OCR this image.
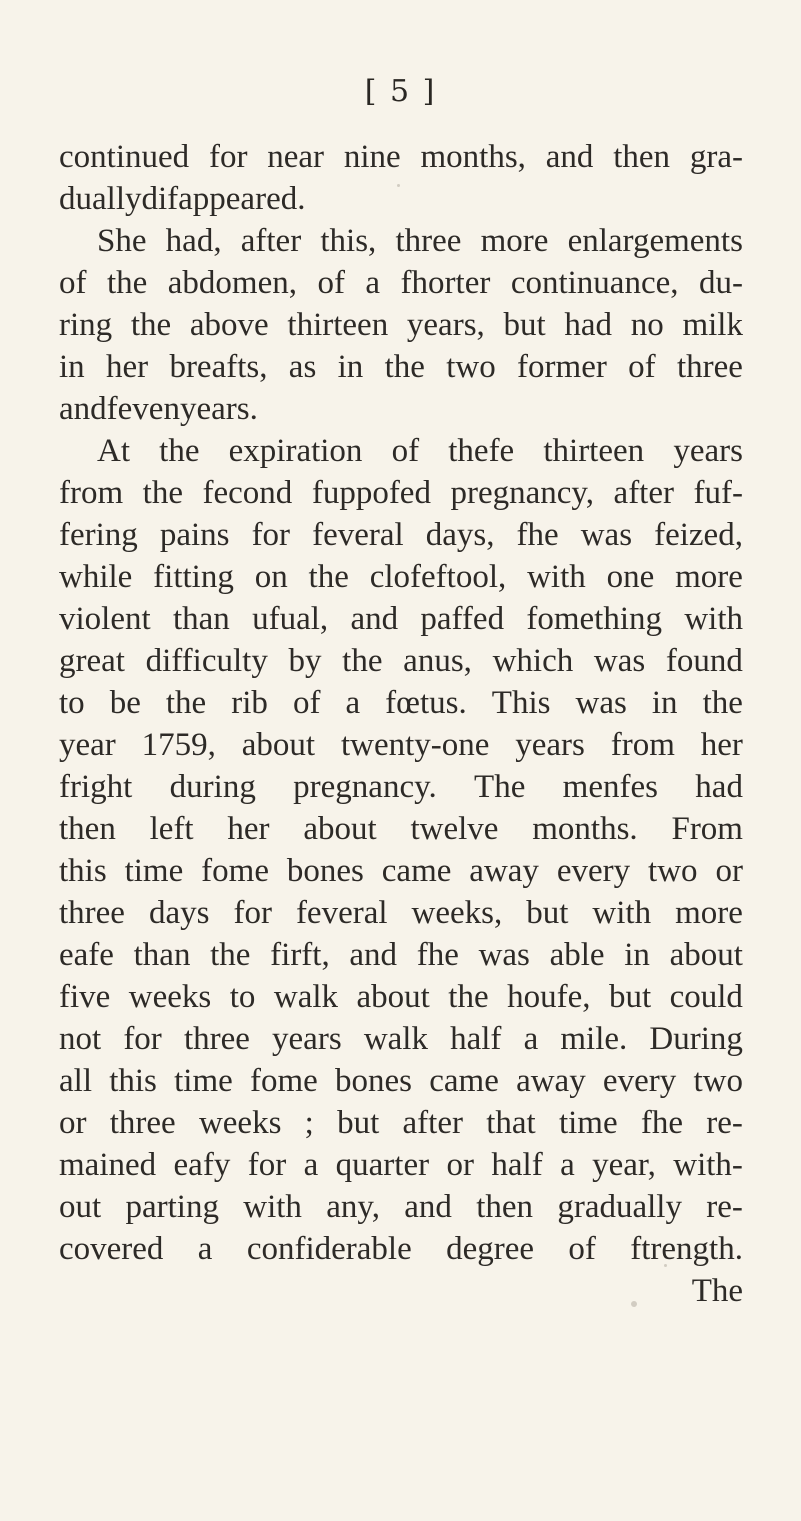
[ 5 ]
continued for near nine months, and then gra-
dually difappeared.
She had, after this, three more enlargements
of the abdomen, of a fhorter continuance, du-
ring the above thirteen years, but had no milk
in her breafts, as in the two former of three
and feven years.
At the expiration of thefe thirteen years
from the fecond fuppofed pregnancy, after fuf-
fering pains for feveral days, fhe was feized,
while fitting on the clofeftool, with one more
violent than ufual, and paffed fomething with
great difficulty by the anus, which was found
to be the rib of a fœtus. This was in the
year 1759, about twenty-one years from her
fright during pregnancy. The menfes had
then left her about twelve months. From
this time fome bones came away every two or
three days for feveral weeks, but with more
eafe than the firft, and fhe was able in about
five weeks to walk about the houfe, but could
not for three years walk half a mile. During
all this time fome bones came away every two
or three weeks ; but after that time fhe re-
mained eafy for a quarter or half a year, with-
out parting with any, and then gradually re-
covered a confiderable degree of ftrength.
The
